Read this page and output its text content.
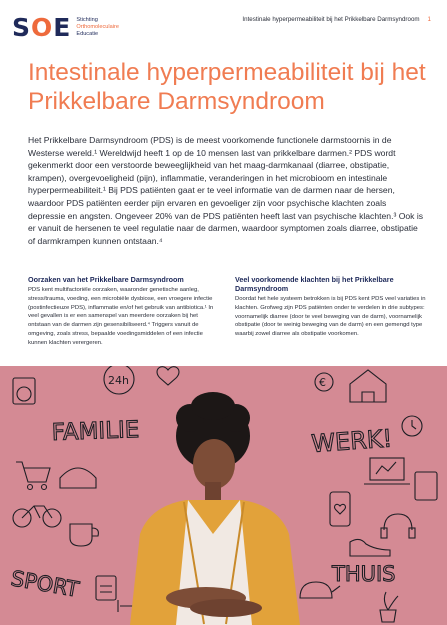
SOE Stichting
Orthomoleculaire
Educatie
Intestinale hyperpermeabiliteit bij het Prikkelbare Darmsyndroom 1
Intestinale hyperpermeabiliteit bij het Prikkelbare Darmsyndroom

Het Prikkelbare Darmsyndroom (PDS) is de meest voorkomende functionele darmstoornis in de Westerse wereld.¹ Wereldwijd heeft 1 op de 10 mensen last van prikkelbare darmen.² PDS wordt gekenmerkt door een verstoorde beweeglijkheid van het maag-darmkanaal (diarree, obstipatie, krampen), overgevoeligheid (pijn), inflammatie, veranderingen in het microbioom en intestinale hyperpermeabiliteit.¹ Bij PDS patiënten gaat er te veel informatie van de darmen naar de hersen, waardoor PDS patiënten eerder pijn ervaren en gevoeliger zijn voor psychische klachten zoals depressie en angsten. Ongeveer 20% van de PDS patiënten heeft last van psychische klachten.³ Ook is er vanuit de hersenen te veel regulatie naar de darmen, waardoor symptomen zoals diarree, obstipatie of darmkrampen kunnen ontstaan.⁴

Oorzaken van het Prikkelbare Darmsyndroom

PDS kent multifactoriële oorzaken, waaronder genetische aanleg, stress/trauma, voeding, een microbiële dysbiose, een vroegere infectie (postinfectieuze PDS), inflammatie en/of het gebruik van antibiotica.¹ In veel gevallen is er een samenspel van meerdere oorzaken bij het ontstaan van de darmen zijn gesensibiliseerd.⁴ Triggers vanuit de omgeving, zoals stress, bepaalde voedingsmiddelen of een infectie kunnen klachten verergeren.

Veel voorkomende klachten bij het Prikkelbare Darmsyndroom

Doordat het hele systeem betrokken is bij PDS kent PDS veel variaties in klachten. Grofweg zijn PDS patiënten onder te verdelen in drie subtypes: voornamelijk diarree (door te veel beweging van de darm), voornamelijk obstipatie (door te weinig beweging van de darm) en een gemengd type waarbij zowel diarree als obstipatie voorkomen.

FAMILIE	WERK!
SPORT	THUIS
24h	€
